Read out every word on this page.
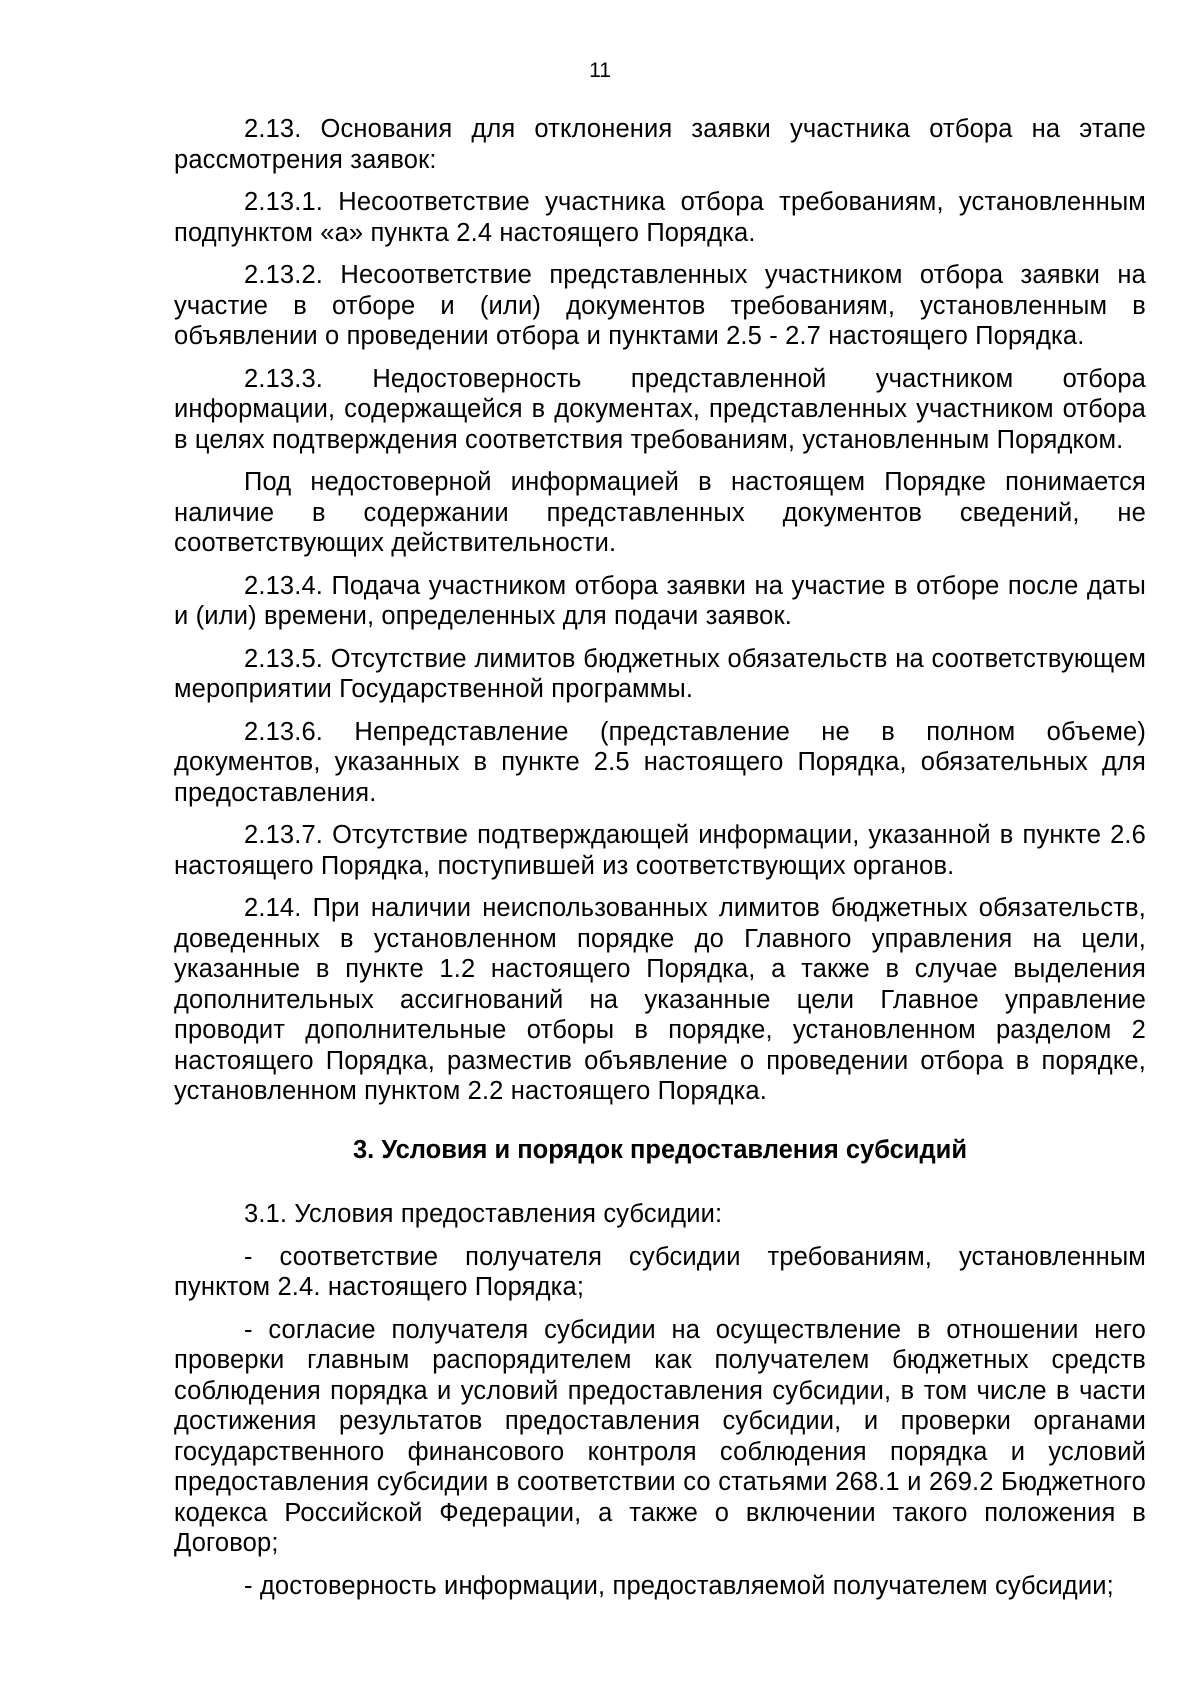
11

2.13. Основания для отклонения заявки участника отбора на этапе рассмотрения заявок:

2.13.1. Несоответствие участника отбора требованиям, установленным подпунктом «а» пункта 2.4 настоящего Порядка.

2.13.2. Несоответствие представленных участником отбора заявки на участие в отборе и (или) документов требованиям, установленным в объявлении о проведении отбора и пунктами 2.5 - 2.7 настоящего Порядка.

2.13.3. Недостоверность представленной участником отбора информации, содержащейся в документах, представленных участником отбора в целях подтверждения соответствия требованиям, установленным Порядком.

Под недостоверной информацией в настоящем Порядке понимается наличие в содержании представленных документов сведений, не соответствующих действительности.

2.13.4. Подача участником отбора заявки на участие в отборе после даты и (или) времени, определенных для подачи заявок.

2.13.5. Отсутствие лимитов бюджетных обязательств на соответствующем мероприятии Государственной программы.

2.13.6. Непредставление (представление не в полном объеме) документов, указанных в пункте 2.5 настоящего Порядка, обязательных для предоставления.

2.13.7. Отсутствие подтверждающей информации, указанной в пункте 2.6 настоящего Порядка, поступившей из соответствующих органов.

2.14. При наличии неиспользованных лимитов бюджетных обязательств, доведенных в установленном порядке до Главного управления на цели, указанные в пункте 1.2 настоящего Порядка, а также в случае выделения дополнительных ассигнований на указанные цели Главное управление проводит дополнительные отборы в порядке, установленном разделом 2 настоящего Порядка, разместив объявление о проведении отбора в порядке, установленном пунктом 2.2 настоящего Порядка.

3. Условия и порядок предоставления субсидий

3.1. Условия предоставления субсидии:

- соответствие получателя субсидии требованиям, установленным пунктом 2.4. настоящего Порядка;

- согласие получателя субсидии на осуществление в отношении него проверки главным распорядителем как получателем бюджетных средств соблюдения порядка и условий предоставления субсидии, в том числе в части достижения результатов предоставления субсидии, и проверки органами государственного финансового контроля соблюдения порядка и условий предоставления субсидии в соответствии со статьями 268.1 и 269.2 Бюджетного кодекса Российской Федерации, а также о включении такого положения в Договор;

- достоверность информации, предоставляемой получателем субсидии;
